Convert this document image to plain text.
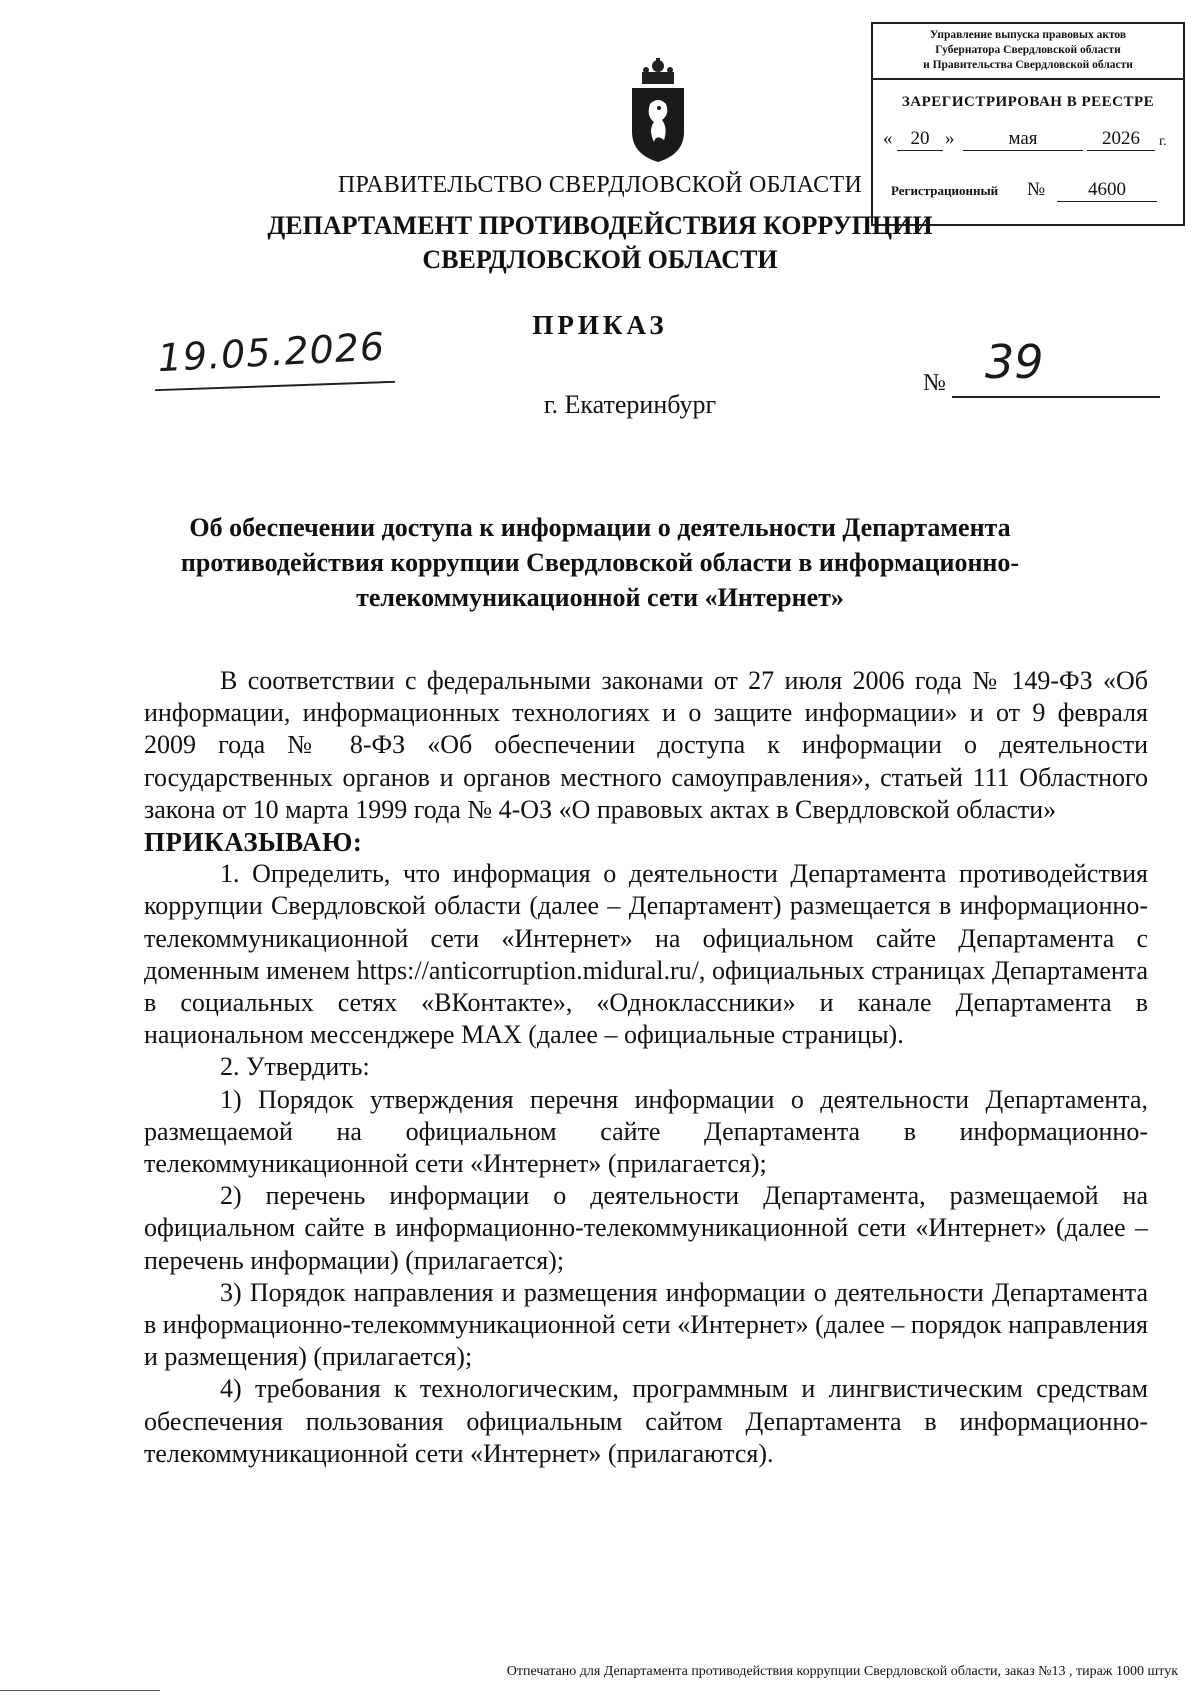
Управление выпуска правовых актов
Губернатора Свердловской области
и Правительства Свердловской области
ЗАРЕГИСТРИРОВАН В РЕЕСТРЕ
« 20 »	мая	2026	г.
Регистрационный №	4600
ПРАВИТЕЛЬСТВО СВЕРДЛОВСКОЙ ОБЛАСТИ
ДЕПАРТАМЕНТ ПРОТИВОДЕЙСТВИЯ КОРРУПЦИИ
СВЕРДЛОВСКОЙ ОБЛАСТИ
ПРИКАЗ
19.05.2026
г. Екатеринбург
№ 39
Об обеспечении доступа к информации о деятельности Департамента противодействия коррупции Свердловской области в информационно-телекоммуникационной сети «Интернет»

В соответствии с федеральными законами от 27 июля 2006 года № 149-ФЗ «Об информации, информационных технологиях и о защите информации» и от 9 февраля 2009 года № 8-ФЗ «Об обеспечении доступа к информации о деятельности государственных органов и органов местного самоуправления», статьей 111 Областного закона от 10 марта 1999 года № 4-ОЗ «О правовых актах в Свердловской области»

ПРИКАЗЫВАЮ:

1. Определить, что информация о деятельности Департамента противодействия коррупции Свердловской области (далее – Департамент) размещается в информационно-телекоммуникационной сети «Интернет» на официальном сайте Департамента с доменным именем https://anticorruption.midural.ru/, официальных страницах Департамента в социальных сетях «ВКонтакте», «Одноклассники» и канале Департамента в национальном мессенджере MAX (далее – официальные страницы).

2. Утвердить:

1) Порядок утверждения перечня информации о деятельности Департамента, размещаемой на официальном сайте Департамента в информационно-телекоммуникационной сети «Интернет» (прилагается);

2) перечень информации о деятельности Департамента, размещаемой на официальном сайте в информационно-телекоммуникационной сети «Интернет» (далее – перечень информации) (прилагается);

3) Порядок направления и размещения информации о деятельности Департамента в информационно-телекоммуникационной сети «Интернет» (далее – порядок направления и размещения) (прилагается);

4) требования к технологическим, программным и лингвистическим средствам обеспечения пользования официальным сайтом Департамента в информационно-телекоммуникационной сети «Интернет» (прилагаются).

Отпечатано для Департамента противодействия коррупции Свердловской области, заказ №13 , тираж 1000 штук
